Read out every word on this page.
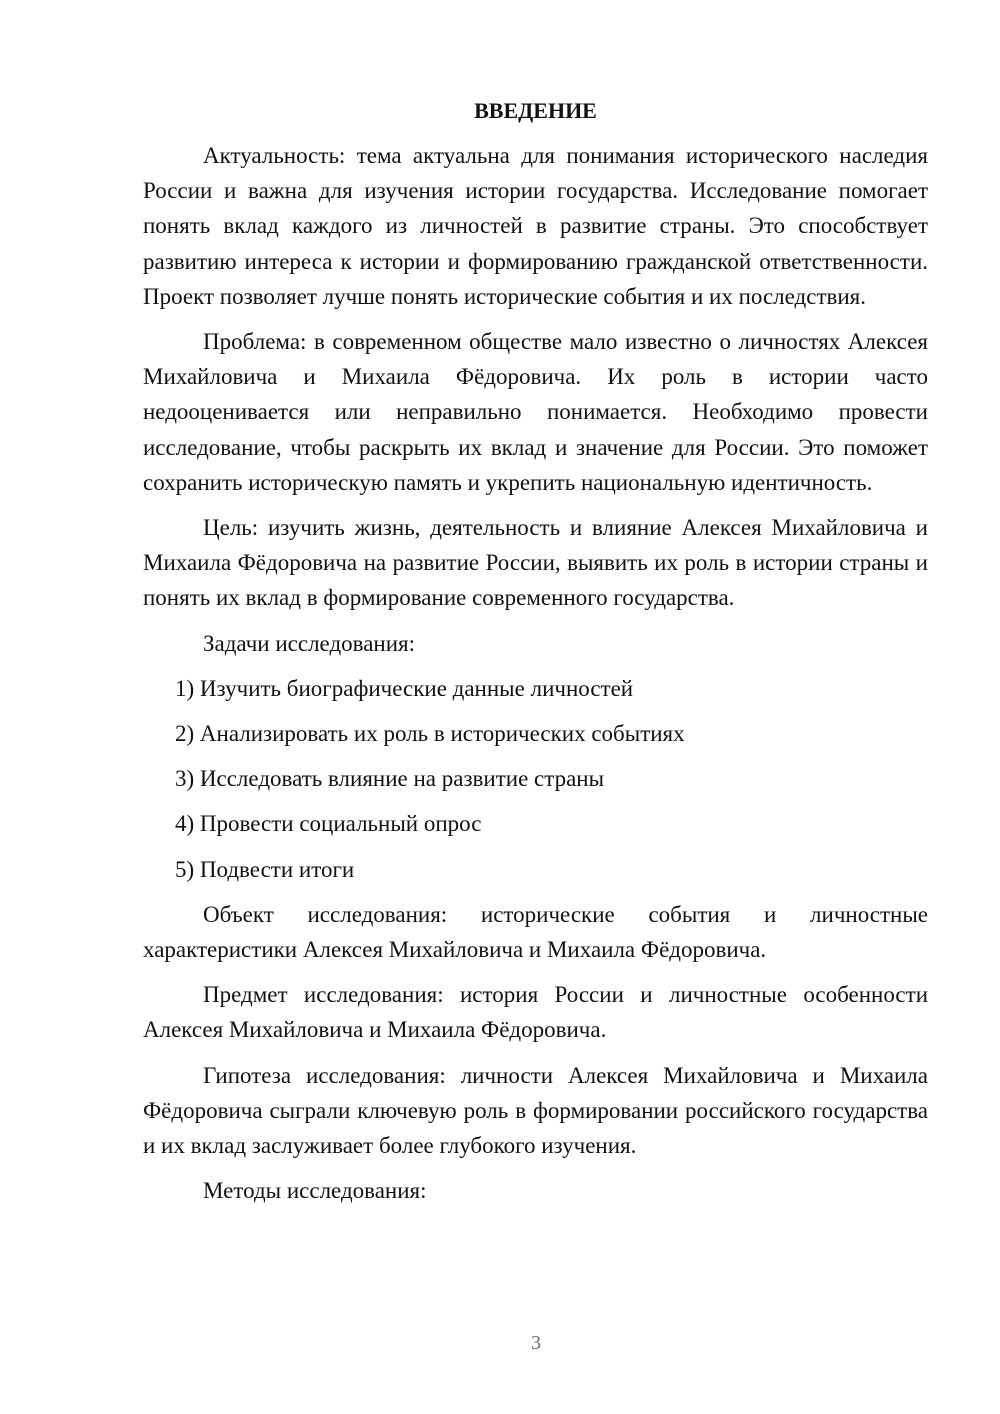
ВВЕДЕНИЕ

Актуальность: тема актуальна для понимания исторического наследия России и важна для изучения истории государства. Исследование помогает понять вклад каждого из личностей в развитие страны. Это способствует развитию интереса к истории и формированию гражданской ответственности. Проект позволяет лучше понять исторические события и их последствия.

Проблема: в современном обществе мало известно о личностях Алексея Михайловича и Михаила Фёдоровича. Их роль в истории часто недооценивается или неправильно понимается. Необходимо провести исследование, чтобы раскрыть их вклад и значение для России. Это поможет сохранить историческую память и укрепить национальную идентичность.

Цель: изучить жизнь, деятельность и влияние Алексея Михайловича и Михаила Фёдоровича на развитие России, выявить их роль в истории страны и понять их вклад в формирование современного государства.

Задачи исследования:

1) Изучить биографические данные личностей
2) Анализировать их роль в исторических событиях
3) Исследовать влияние на развитие страны
4) Провести социальный опрос
5) Подвести итоги

Объект исследования: исторические события и личностные характеристики Алексея Михайловича и Михаила Фёдоровича.

Предмет исследования: история России и личностные особенности Алексея Михайловича и Михаила Фёдоровича.

Гипотеза исследования: личности Алексея Михайловича и Михаила Фёдоровича сыграли ключевую роль в формировании российского государства и их вклад заслуживает более глубокого изучения.

Методы исследования:

3
